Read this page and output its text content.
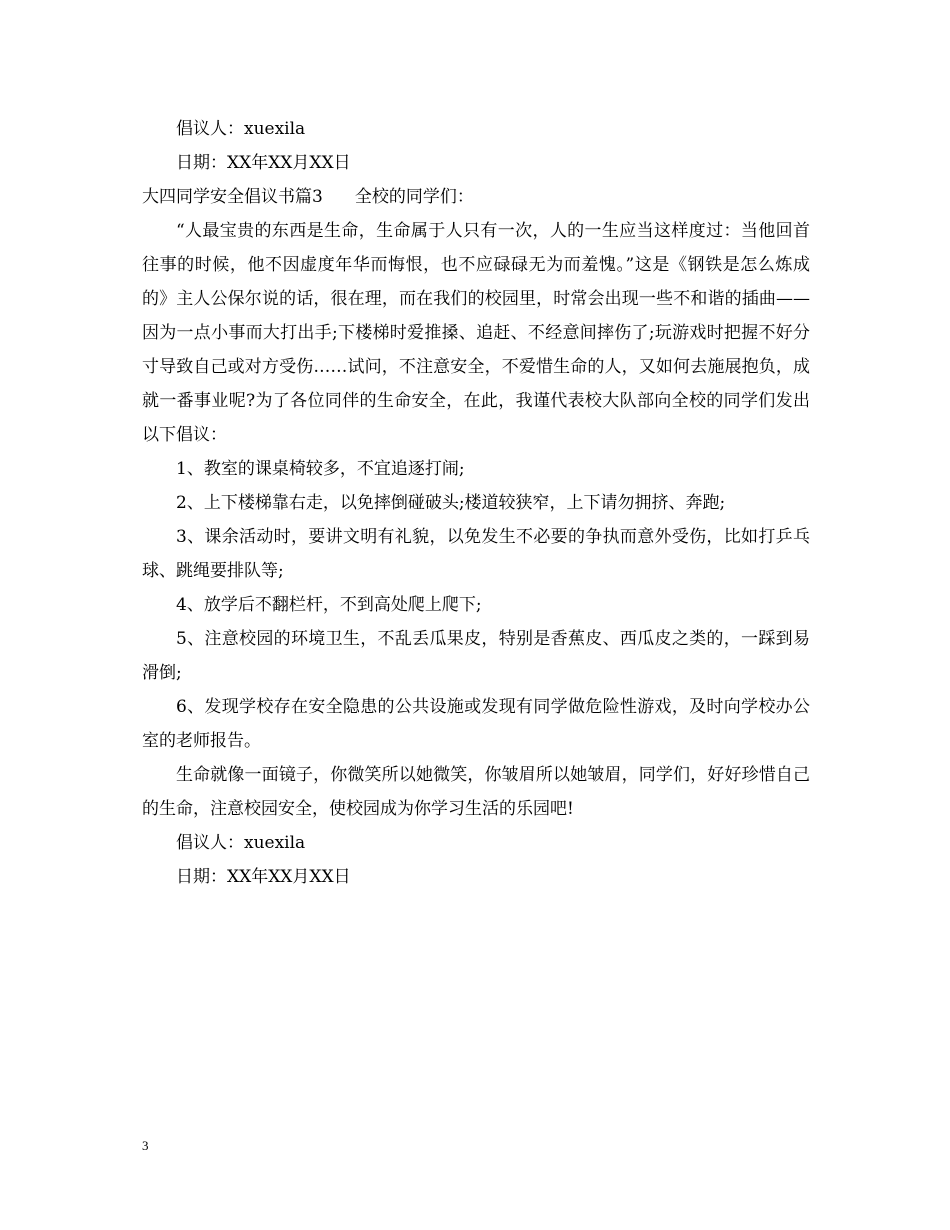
倡议人：xuexila

日期：XX年XX月XX日

大四同学安全倡议书篇3 全校的同学们：

“人最宝贵的东西是生命，生命属于人只有一次，人的一生应当这样度过：当他回首往事的时候，他不因虚度年华而悔恨，也不应碌碌无为而羞愧。”这是《钢铁是怎么炼成的》主人公保尔说的话，很在理，而在我们的校园里，时常会出现一些不和谐的插曲——因为一点小事而大打出手;下楼梯时爱推搡、追赶、不经意间摔伤了;玩游戏时把握不好分寸导致自己或对方受伤……试问，不注意安全，不爱惜生命的人，又如何去施展抱负，成就一番事业呢?为了各位同伴的生命安全，在此，我谨代表校大队部向全校的同学们发出以下倡议：

1、教室的课桌椅较多，不宜追逐打闹;

2、上下楼梯靠右走，以免摔倒碰破头;楼道较狭窄，上下请勿拥挤、奔跑;

3、课余活动时，要讲文明有礼貌，以免发生不必要的争执而意外受伤，比如打乒乓球、跳绳要排队等;

4、放学后不翻栏杆，不到高处爬上爬下;

5、注意校园的环境卫生，不乱丢瓜果皮，特别是香蕉皮、西瓜皮之类的，一踩到易滑倒;

6、发现学校存在安全隐患的公共设施或发现有同学做危险性游戏，及时向学校办公室的老师报告。

生命就像一面镜子，你微笑所以她微笑，你皱眉所以她皱眉，同学们，好好珍惜自己的生命，注意校园安全，使校园成为你学习生活的乐园吧!

倡议人：xuexila

日期：XX年XX月XX日

3
